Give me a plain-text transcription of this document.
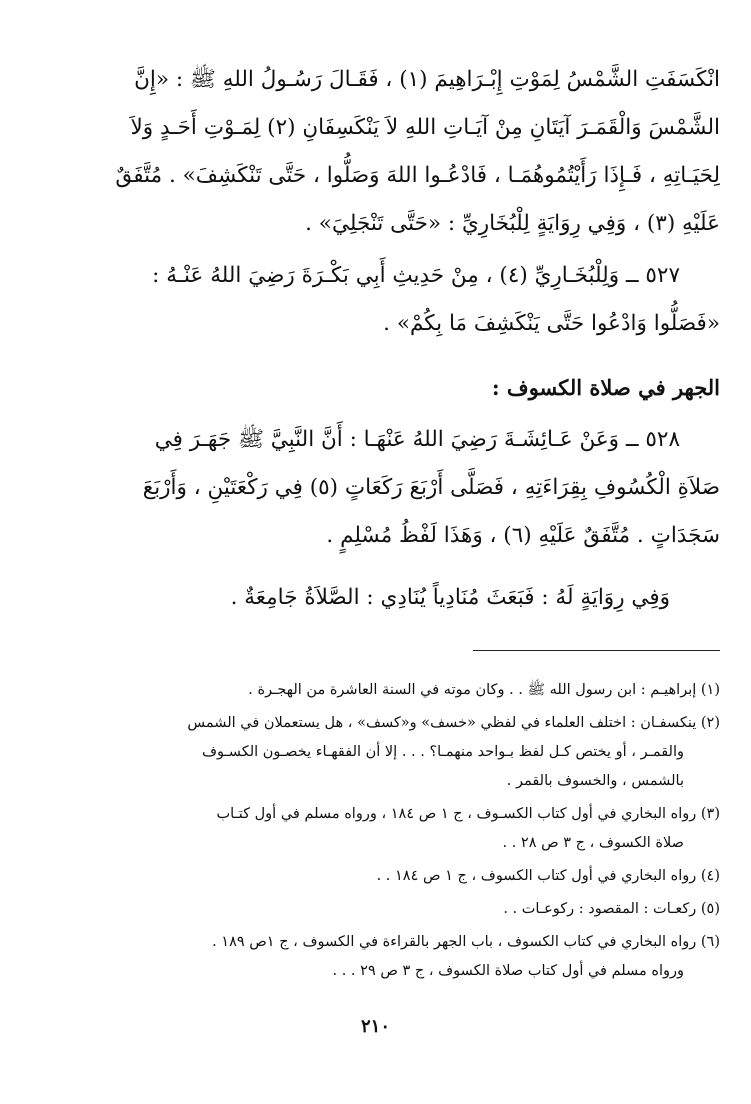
انْكَسَفَتِ الشَّمْسُ لِمَوْتِ إِبْـرَاهِيمَ (١) ، فَقَـالَ رَسُـولُ اللهِ ﷺ : «إِنَّ

الشَّمْسَ وَالْقَمَـرَ آيَتَانِ مِنْ آيَـاتِ اللهِ لاَ يَنْكَسِفَانِ (٢) لِمَـوْتِ أَحَـدٍ وَلاَ

لِحَيَـاتِهِ ، فَـإِذَا رَأَيْتُمُوهُمَـا ، فَادْعُـوا اللهَ وَصَلُّوا ، حَتَّى تَنْكَشِفَ» . مُتَّفَقٌ

عَلَيْهِ (٣) ، وَفِي رِوَايَةٍ لِلْبُخَارِيِّ : «حَتَّى تَنْجَلِيَ» .

٥٢٧ ــ وَلِلْبُخَـارِيِّ (٤) ، مِنْ حَدِيثِ أَبِي بَكْـرَةَ رَضِيَ اللهُ عَنْـهُ :

«فَصَلُّوا وَادْعُوا حَتَّى يَنْكَشِفَ مَا بِكُمْ» .

الجهر في صلاة الكسوف :

٥٢٨ ــ وَعَنْ عَـائِشَـةَ رَضِيَ اللهُ عَنْهَـا : أَنَّ النَّبِيَّ ﷺ جَهَـرَ فِي

صَلاَةِ الْكُسُوفِ بِقِرَاءَتِهِ ، فَصَلَّى أَرْبَعَ رَكَعَاتٍ (٥) فِي رَكْعَتَيْنِ ، وَأَرْبَعَ

سَجَدَاتٍ . مُتَّفَقٌ عَلَيْهِ (٦) ، وَهَذَا لَفْظُ مُسْلِمٍ .

وَفِي رِوَايَةٍ لَهُ : فَبَعَثَ مُنَادِياً يُنَادِي : الصَّلاَةُ جَامِعَةٌ .

(١) إبراهيـم : ابن رسول الله ﷺ . . وكان موته في السنة العاشرة من الهجـرة .
(٢) ينكسفـان : اختلف العلماء في لفظي «خسف» و«كسف» ، هل يستعملان في الشمس
والقمـر ، أو يختص كـل لفظ بـواحد منهمـا؟ . . . إلا أن الفقهـاء يخصـون الكسـوف
بالشمس ، والخسوف بالقمر .
(٣) رواه البخاري في أول كتاب الكسـوف ، ج ١ ص ١٨٤ ، ورواه مسلم في أول كتـاب
صلاة الكسوف ، ج ٣ ص ٢٨ . .
(٤) رواه البخاري في أول كتاب الكسوف ، ج ١ ص ١٨٤ . .
(٥) ركعـات : المقصود : ركوعـات . .
(٦) رواه البخاري في كتاب الكسوف ، باب الجهر بالقراءة في الكسوف ، ج ١ص ١٨٩ .
ورواه مسلم في أول كتاب صلاة الكسوف ، ج ٣ ص ٢٩ . . .
٢١٠
